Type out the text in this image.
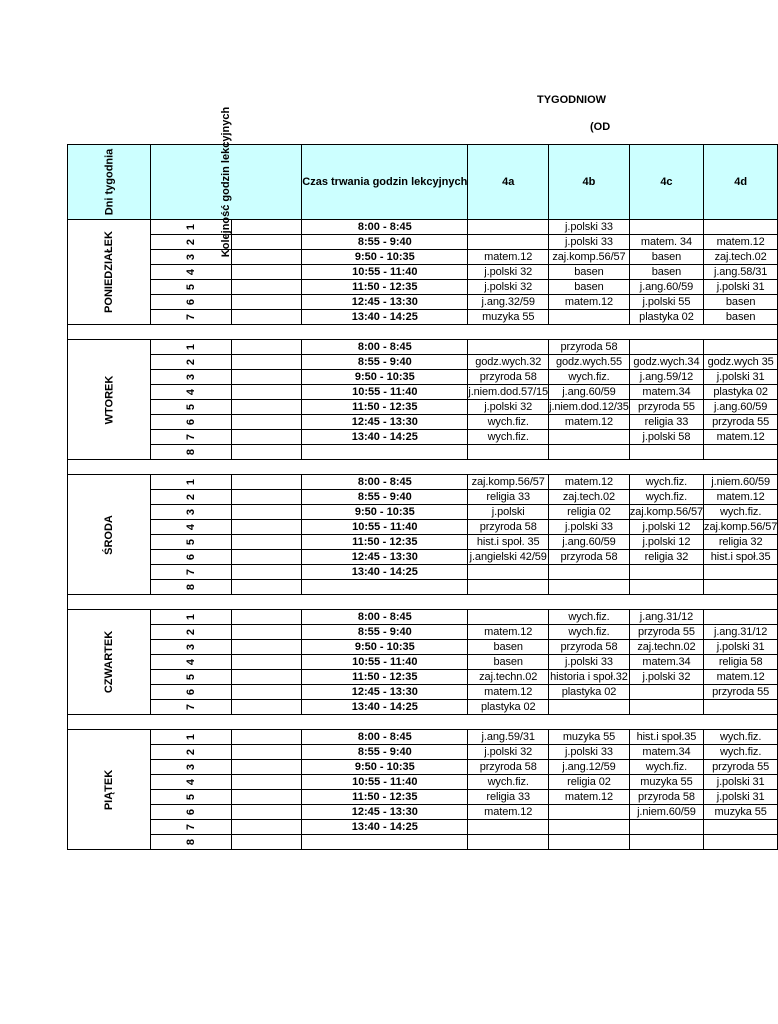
TYGODNIOW
(OD
Dni tygodnia	Kolejność godzin lekcyjnych		Czas trwania godzin lekcyjnych	4a	4b	4c	4d
PONIEDZIAŁEK	1		8:00 - 8:45		j.polski 33		
	2		8:55 - 9:40		j.polski 33	matem. 34	matem.12
	3		9:50 - 10:35	matem.12	zaj.komp.56/57	basen	zaj.tech.02
	4		10:55 - 11:40	j.polski 32	basen	basen	j.ang.58/31
	5		11:50 - 12:35	j.polski 32	basen	j.ang.60/59	j.polski 31
	6		12:45 - 13:30	j.ang.32/59	matem.12	j.polski 55	basen
	7		13:40 - 14:25	muzyka 55		plastyka 02	basen

WTOREK	1		8:00 - 8:45		przyroda 58		
	2		8:55 - 9:40	godz.wych.32	godz.wych.55	godz.wych.34	godz.wych 35
	3		9:50 - 10:35	przyroda 58	wych.fiz.	j.ang.59/12	j.polski 31
	4		10:55 - 11:40	j.niem.dod.57/15	j.ang.60/59	matem.34	plastyka 02
	5		11:50 - 12:35	j.polski 32	j.niem.dod.12/35	przyroda 55	j.ang.60/59
	6		12:45 - 13:30	wych.fiz.	matem.12	religia 33	przyroda 55
	7		13:40 - 14:25	wych.fiz.		j.polski 58	matem.12
	8						

ŚRODA	1		8:00 - 8:45	zaj.komp.56/57	matem.12	wych.fiz.	j.niem.60/59
	2		8:55 - 9:40	religia 33	zaj.tech.02	wych.fiz.	matem.12
	3		9:50 - 10:35	j.polski	religia 02	zaj.komp.56/57	wych.fiz.
	4		10:55 - 11:40	przyroda 58	j.polski 33	j.polski 12	zaj.komp.56/57
	5		11:50 - 12:35	hist.i społ. 35	j.ang.60/59	j.polski 12	religia 32
	6		12:45 - 13:30	j.angielski 42/59	przyroda 58	religia 32	hist.i społ.35
	7		13:40 - 14:25				
	8						

CZWARTEK	1		8:00 - 8:45		wych.fiz.	j.ang.31/12	
	2		8:55 - 9:40	matem.12	wych.fiz.	przyroda 55	j.ang.31/12
	3		9:50 - 10:35	basen	przyroda 58	zaj.techn.02	j.polski 31
	4		10:55 - 11:40	basen	j.polski 33	matem.34	religia 58
	5		11:50 - 12:35	zaj.techn.02	historia i społ.32	j.polski 32	matem.12
	6		12:45 - 13:30	matem.12	plastyka 02		przyroda 55
	7		13:40 - 14:25	plastyka 02			

PIĄTEK	1		8:00 - 8:45	j.ang.59/31	muzyka 55	hist.i społ.35	wych.fiz.
	2		8:55 - 9:40	j.polski 32	j.polski 33	matem.34	wych.fiz.
	3		9:50 - 10:35	przyroda 58	j.ang.12/59	wych.fiz.	przyroda 55
	4		10:55 - 11:40	wych.fiz.	religia 02	muzyka 55	j.polski 31
	5		11:50 - 12:35	religia 33	matem.12	przyroda 58	j.polski 31
	6		12:45 - 13:30	matem.12		j.niem.60/59	muzyka 55
	7		13:40 - 14:25				
	8						
